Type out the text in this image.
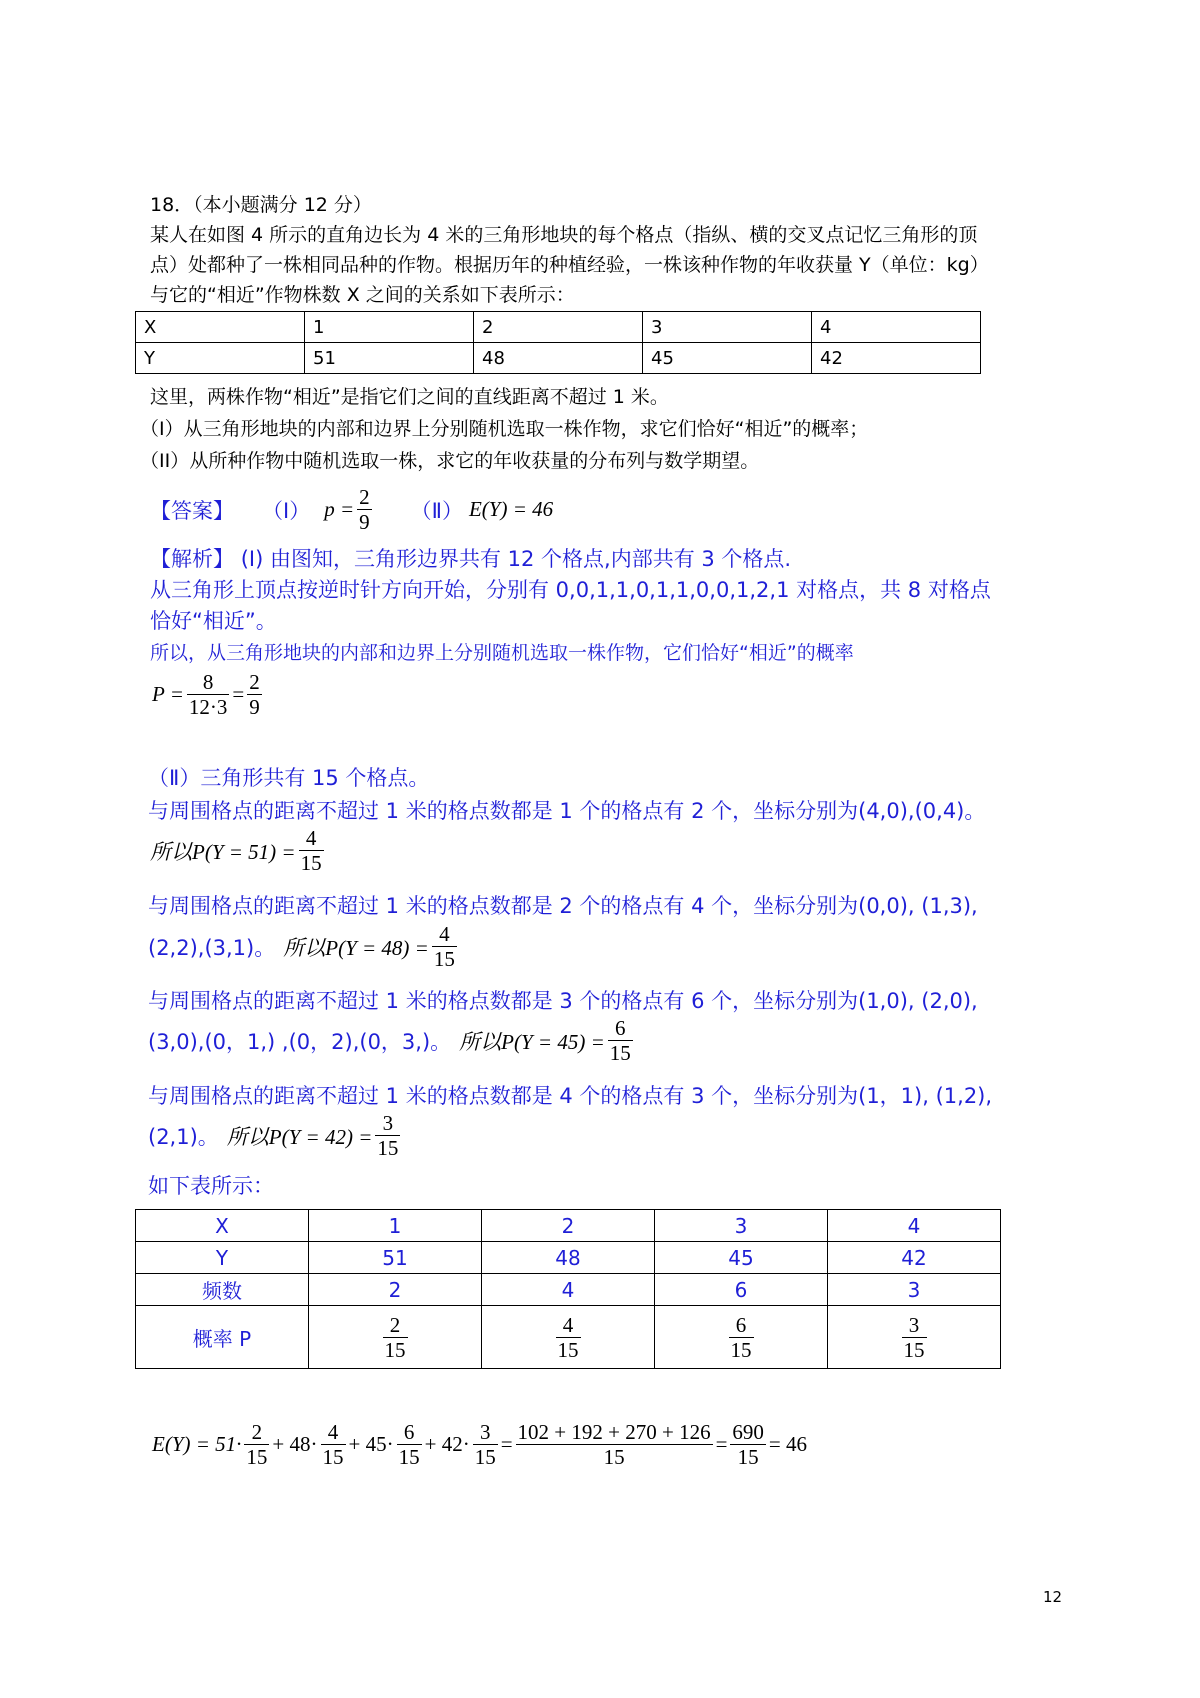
18．（本小题满分 12 分）
某人在如图 4 所示的直角边长为 4 米的三角形地块的每个格点（指纵、横的交叉点记忆三角形的顶
点）处都种了一株相同品种的作物。根据历年的种植经验，一株该种作物的年收获量 Y（单位：kg）
与它的“相近”作物株数 X 之间的关系如下表所示：
X	1	2	3	4
Y	51	48	45	42
这里，两株作物“相近”是指它们之间的直线距离不超过 1 米。
（I）从三角形地块的内部和边界上分别随机选取一株作物，求它们恰好“相近”的概率；
（II）从所种作物中随机选取一株，求它的年收获量的分布列与数学期望。
【答案】 （Ⅰ） $p = \frac{2}{9}$ （Ⅱ） E(Y) = 46
【解析】 (Ⅰ) 由图知，三角形边界共有 12 个格点,内部共有 3 个格点.
从三角形上顶点按逆时针方向开始，分别有 0,0,1,1,0,1,1,0,0,1,2,1 对格点，共 8 对格点
恰好“相近”。
所以，从三角形地块的内部和边界上分别随机选取一株作物，它们恰好“相近”的概率
$P = \frac{8}{12\cdot 3} = \frac{2}{9}$
（Ⅱ）三角形共有 15 个格点。
与周围格点的距离不超过 1 米的格点数都是 1 个的格点有 2 个，坐标分别为(4,0),(0,4)。
所以$P(Y = 51) = \frac{4}{15}$
与周围格点的距离不超过 1 米的格点数都是 2 个的格点有 4 个，坐标分别为(0,0), (1,3),
(2,2),(3,1)。 所以$P(Y = 48) = \frac{4}{15}$
与周围格点的距离不超过 1 米的格点数都是 3 个的格点有 6 个，坐标分别为(1,0), (2,0),
(3,0),(0，1,) ,(0，2),(0，3,)。 所以$P(Y = 45) = \frac{6}{15}$
与周围格点的距离不超过 1 米的格点数都是 4 个的格点有 3 个，坐标分别为(1，1), (1,2),
(2,1)。 所以$P(Y = 42) = \frac{3}{15}$
如下表所示：
X	1	2	3	4
Y	51	48	45	42
频数	2	4	6	3
概率 P	$\frac{2}{15}$	$\frac{4}{15}$	$\frac{6}{15}$	$\frac{3}{15}$
$E(Y) = 51\cdot \frac{2}{15} + 48\cdot \frac{4}{15} + 45\cdot \frac{6}{15} + 42\cdot \frac{3}{15} = \frac{102 + 192 + 270 + 126}{15} = \frac{690}{15} = 46$
12
